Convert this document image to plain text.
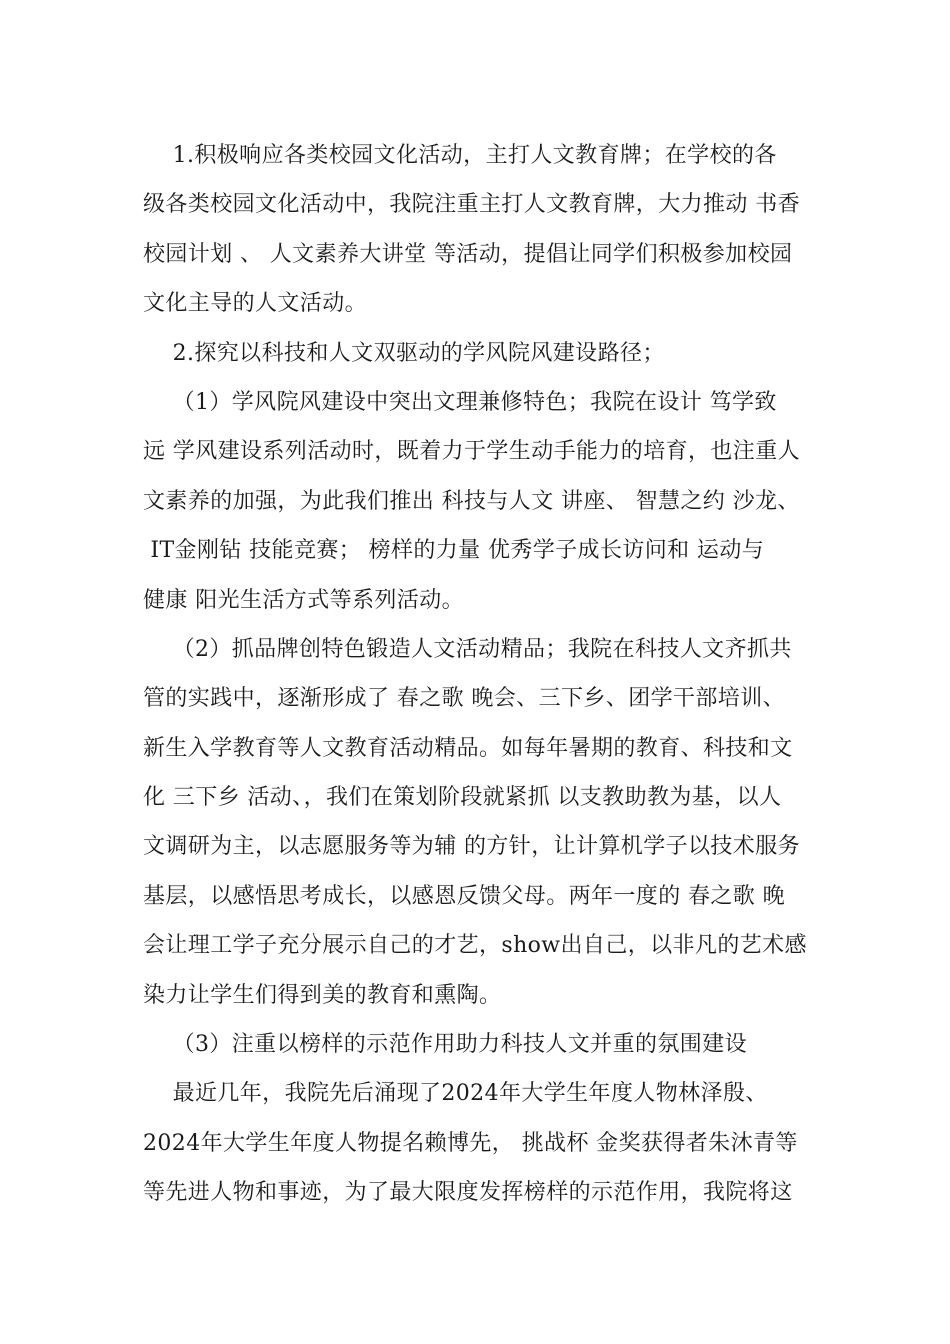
1.积极响应各类校园文化活动，主打人文教育牌；在学校的各
级各类校园文化活动中，我院注重主打人文教育牌，大力推动 书香
校园计划 、 人文素养大讲堂 等活动，提倡让同学们积极参加校园
文化主导的人文活动。
2.探究以科技和人文双驱动的学风院风建设路径；
（1）学风院风建设中突出文理兼修特色；我院在设计 笃学致
远 学风建设系列活动时，既着力于学生动手能力的培育，也注重人
文素养的加强，为此我们推出 科技与人文 讲座、 智慧之约 沙龙、
IT金刚钻 技能竞赛； 榜样的力量 优秀学子成长访问和 运动与
健康 阳光生活方式等系列活动。
（2）抓品牌创特色锻造人文活动精品；我院在科技人文齐抓共
管的实践中，逐渐形成了 春之歌 晚会、三下乡、团学干部培训、
新生入学教育等人文教育活动精品。如每年暑期的教育、科技和文
化 三下乡 活动、，我们在策划阶段就紧抓 以支教助教为基，以人
文调研为主，以志愿服务等为辅 的方针，让计算机学子以技术服务
基层，以感悟思考成长，以感恩反馈父母。两年一度的 春之歌 晚
会让理工学子充分展示自己的才艺，show出自己，以非凡的艺术感
染力让学生们得到美的教育和熏陶。
（3）注重以榜样的示范作用助力科技人文并重的氛围建设
最近几年，我院先后涌现了2024年大学生年度人物林泽殷、
2024年大学生年度人物提名赖博先， 挑战杯 金奖获得者朱沐青等
等先进人物和事迹，为了最大限度发挥榜样的示范作用，我院将这
